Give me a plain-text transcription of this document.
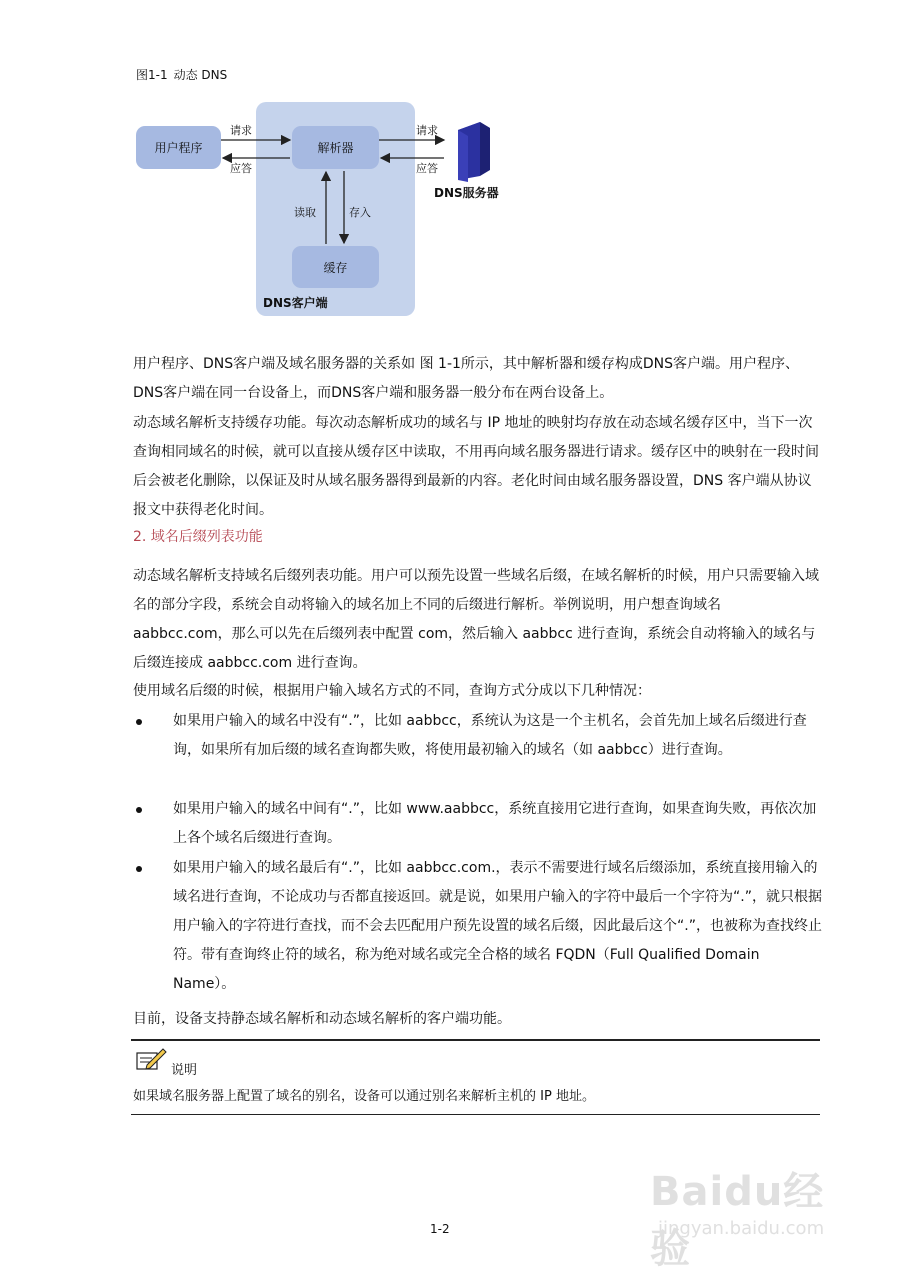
图1-1 动态 DNS
用户程序	解析器
缓存
请求
应答
请求
应答
读取	存入
DNS服务器
DNS客户端
用户程序、DNS客户端及域名服务器的关系如 图 1-1所示，其中解析器和缓存构成DNS客户端。用户程序、DNS客户端在同一台设备上，而DNS客户端和服务器一般分布在两台设备上。
动态域名解析支持缓存功能。每次动态解析成功的域名与 IP 地址的映射均存放在动态域名缓存区中，当下一次查询相同域名的时候，就可以直接从缓存区中读取，不用再向域名服务器进行请求。缓存区中的映射在一段时间后会被老化删除，以保证及时从域名服务器得到最新的内容。老化时间由域名服务器设置，DNS 客户端从协议报文中获得老化时间。
2. 域名后缀列表功能
动态域名解析支持域名后缀列表功能。用户可以预先设置一些域名后缀，在域名解析的时候，用户只需要输入域名的部分字段，系统会自动将输入的域名加上不同的后缀进行解析。举例说明，用户想查询域名 aabbcc.com，那么可以先在后缀列表中配置 com，然后输入 aabbcc 进行查询，系统会自动将输入的域名与后缀连接成 aabbcc.com 进行查询。
使用域名后缀的时候，根据用户输入域名方式的不同，查询方式分成以下几种情况：
如果用户输入的域名中没有“.”，比如 aabbcc，系统认为这是一个主机名，会首先加上域名后缀进行查询，如果所有加后缀的域名查询都失败，将使用最初输入的域名（如 aabbcc）进行查询。
如果用户输入的域名中间有“.”，比如 www.aabbcc，系统直接用它进行查询，如果查询失败，再依次加上各个域名后缀进行查询。
如果用户输入的域名最后有“.”，比如 aabbcc.com.，表示不需要进行域名后缀添加，系统直接用输入的域名进行查询，不论成功与否都直接返回。就是说，如果用户输入的字符中最后一个字符为“.”，就只根据用户输入的字符进行查找，而不会去匹配用户预先设置的域名后缀，因此最后这个“.”，也被称为查找终止符。带有查询终止符的域名，称为绝对域名或完全合格的域名 FQDN（Full Qualified Domain Name）。
目前，设备支持静态域名解析和动态域名解析的客户端功能。
说明
如果域名服务器上配置了域名的别名，设备可以通过别名来解析主机的 IP 地址。
1-2
Baidu经验
jingyan.baidu.com
